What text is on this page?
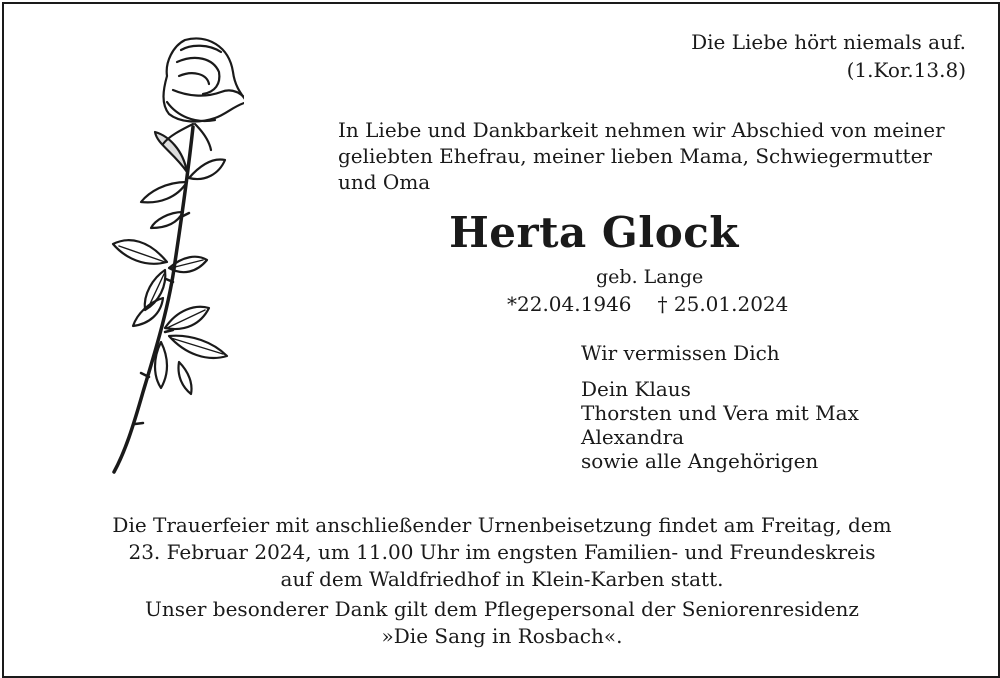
Die Liebe hört niemals auf.
(1.Kor.13.8)
In Liebe und Dankbarkeit nehmen wir Abschied von meiner
geliebten Ehefrau, meiner lieben Mama, Schwiegermutter
und Oma
Herta Glock
geb. Lange
*22.04.1946 † 25.01.2024
Wir vermissen Dich
Dein Klaus
Thorsten und Vera mit Max
Alexandra
sowie alle Angehörigen
Die Trauerfeier mit anschließender Urnenbeisetzung findet am Freitag, dem
23. Februar 2024, um 11.00 Uhr im engsten Familien- und Freundeskreis
auf dem Waldfriedhof in Klein-Karben statt.
Unser besonderer Dank gilt dem Pflegepersonal der Seniorenresidenz
»Die Sang in Rosbach«.
